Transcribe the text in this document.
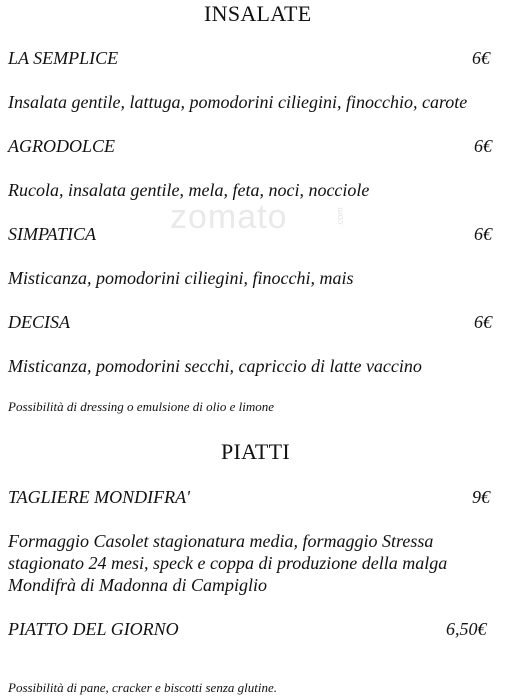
zomato	.com
INSALATE
LA SEMPLICE	6€
Insalata gentile, lattuga, pomodorini ciliegini, finocchio, carote
AGRODOLCE	6€
Rucola, insalata gentile, mela, feta, noci, nocciole
SIMPATICA	6€
Misticanza, pomodorini ciliegini, finocchi, mais
DECISA	6€
Misticanza, pomodorini secchi, capriccio di latte vaccino
Possibilità di dressing o emulsione di olio e limone
PIATTI
TAGLIERE MONDIFRA'	9€
Formaggio Casolet stagionatura media, formaggio Stressa
stagionato 24 mesi, speck e coppa di produzione della malga
Mondifrà di Madonna di Campiglio
PIATTO DEL GIORNO	6,50€
Possibilità di pane, cracker e biscotti senza glutine.
